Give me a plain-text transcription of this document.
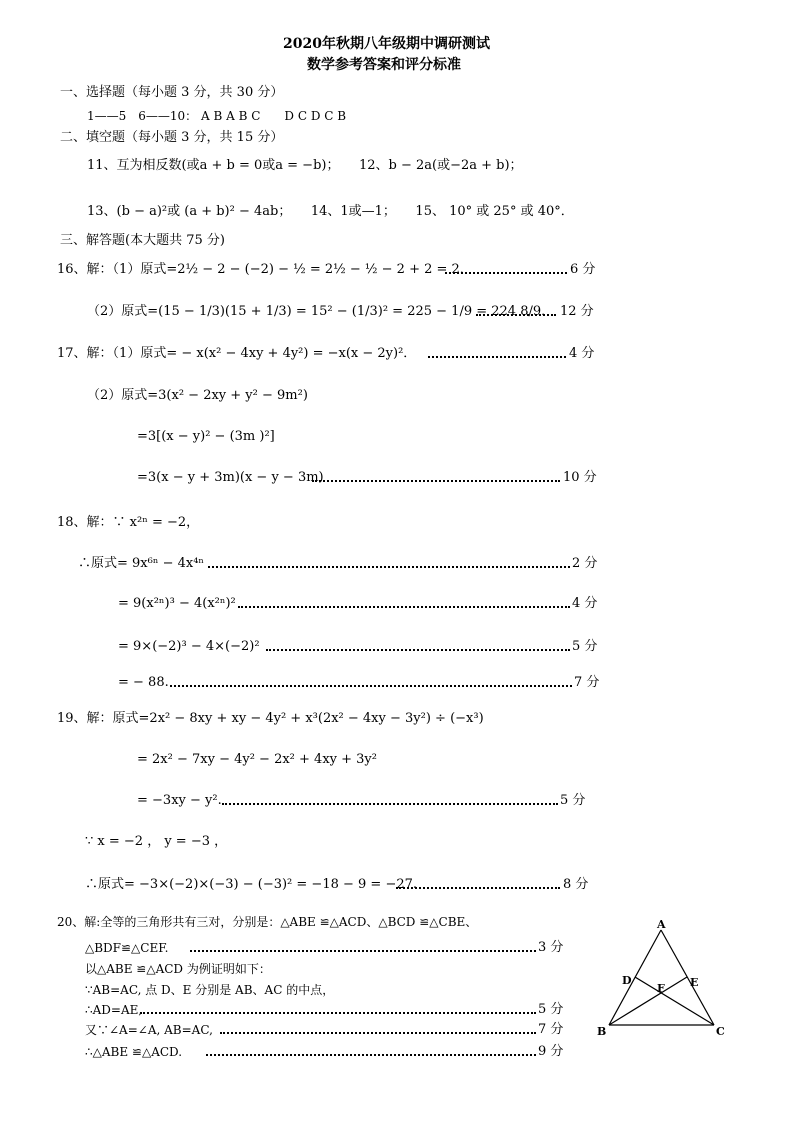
2020年秋期八年级期中调研测试
数学参考答案和评分标准
一、选择题（每小题 3 分，共 30 分）
1——5　6——10： A B A B C　　D C D C B
二、填空题（每小题 3 分，共 15 分）
11、互为相反数(或a + b = 0或a = −b)；　　12、b − 2a(或−2a + b)；
13、(b − a)²或 (a + b)² − 4ab；　　14、1或—1；　　15、 10° 或 25° 或 40°．
三、解答题(本大题共 75 分)
16、解：（1）原式=2½ − 2 − (−2) − ½ = 2½ − ½ − 2 + 2 = 2．	6 分
（2）原式=(15 − 1/3)(15 + 1/3) = 15² − (1/3)² = 225 − 1/9 = 224 8/9． 12 分
17、解：（1）原式= − x(x² − 4xy + 4y²) = −x(x − 2y)²．	4 分
（2）原式=3(x² − 2xy + y² − 9m²)
=3[(x − y)² − (3m )²]
=3(x − y + 3m)(x − y − 3m)	10 分
18、解：∵ x²ⁿ = −2，
∴原式= 9x⁶ⁿ − 4x⁴ⁿ	2 分
= 9(x²ⁿ)³ − 4(x²ⁿ)²	4 分
= 9×(−2)³ − 4×(−2)²	5 分
= − 88.	7 分
19、解：原式=2x² − 8xy + xy − 4y² + x³(2x² − 4xy − 3y²) ÷ (−x³)
= 2x² − 7xy − 4y² − 2x² + 4xy + 3y²
= −3xy − y².	5 分
∵ x = −2 ， y = −3 ，
∴原式= −3×(−2)×(−3) − (−3)² = −18 − 9 = −27.	8 分
20、解:全等的三角形共有三对，分别是：△ABE ≌△ACD、△BCD ≌△CBE、
△BDF≌△CEF.	3 分
以△ABE ≌△ACD 为例证明如下：
∵AB=AC, 点 D、E 分别是 AB、AC 的中点，
∴AD=AE,	5 分
又∵∠A=∠A, AB=AC,	7 分
∴△ABE ≌△ACD.	9 分
A
B	C
D	E
F
